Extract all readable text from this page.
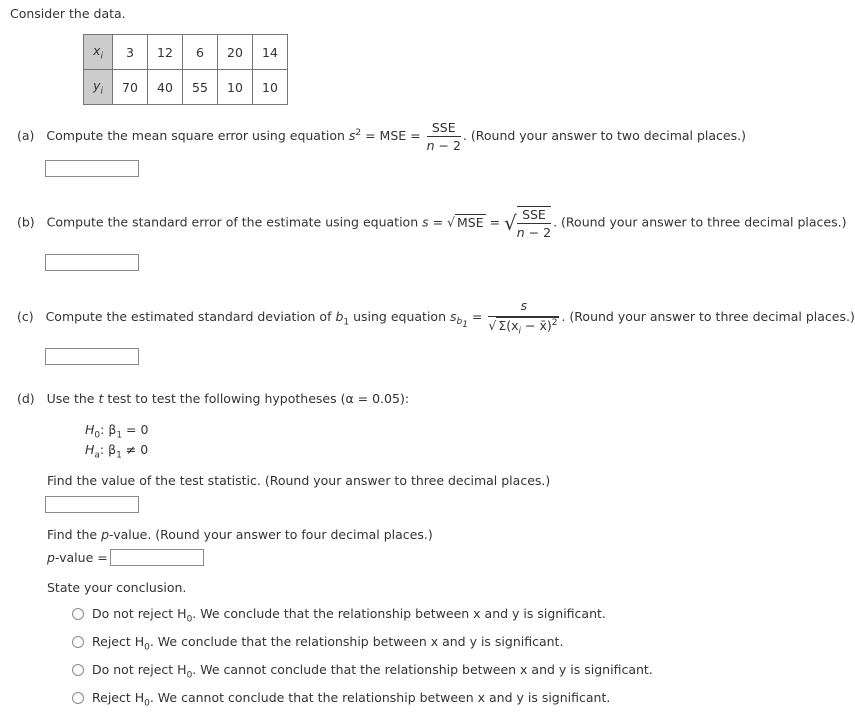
Consider the data.
$x_i$	3	12	6	20	14
$y_i$	70	40	55	10	10
(a) Compute the mean square error using equation $s^2$ = MSE = $\frac{\text{SSE}}{n - 2}$ . (Round your answer to two decimal places.)
(b) Compute the standard error of the estimate using equation s = √ MSE = √ $\frac{\text{SSE}}{n - 2}$ . (Round your answer to three decimal places.)
(c) Compute the estimated standard deviation of $b_1$ using equation $s_{b_1} = \frac{s}{√ \Sigma(x_i - x̄)^2}$ . (Round your answer to three decimal places.)
(d) Use the t test to test the following hypotheses (α = 0.05):
$H_0$: $\beta_1 = 0$
$H_a$: $\beta_1 \ne 0$
Find the value of the test statistic. (Round your answer to three decimal places.)
Find the p-value. (Round your answer to four decimal places.)
p-value =
State your conclusion.
Do not reject $H_0$. We conclude that the relationship between x and y is significant.
Reject $H_0$. We conclude that the relationship between x and y is significant.
Do not reject $H_0$. We cannot conclude that the relationship between x and y is significant.
Reject $H_0$. We cannot conclude that the relationship between x and y is significant.
